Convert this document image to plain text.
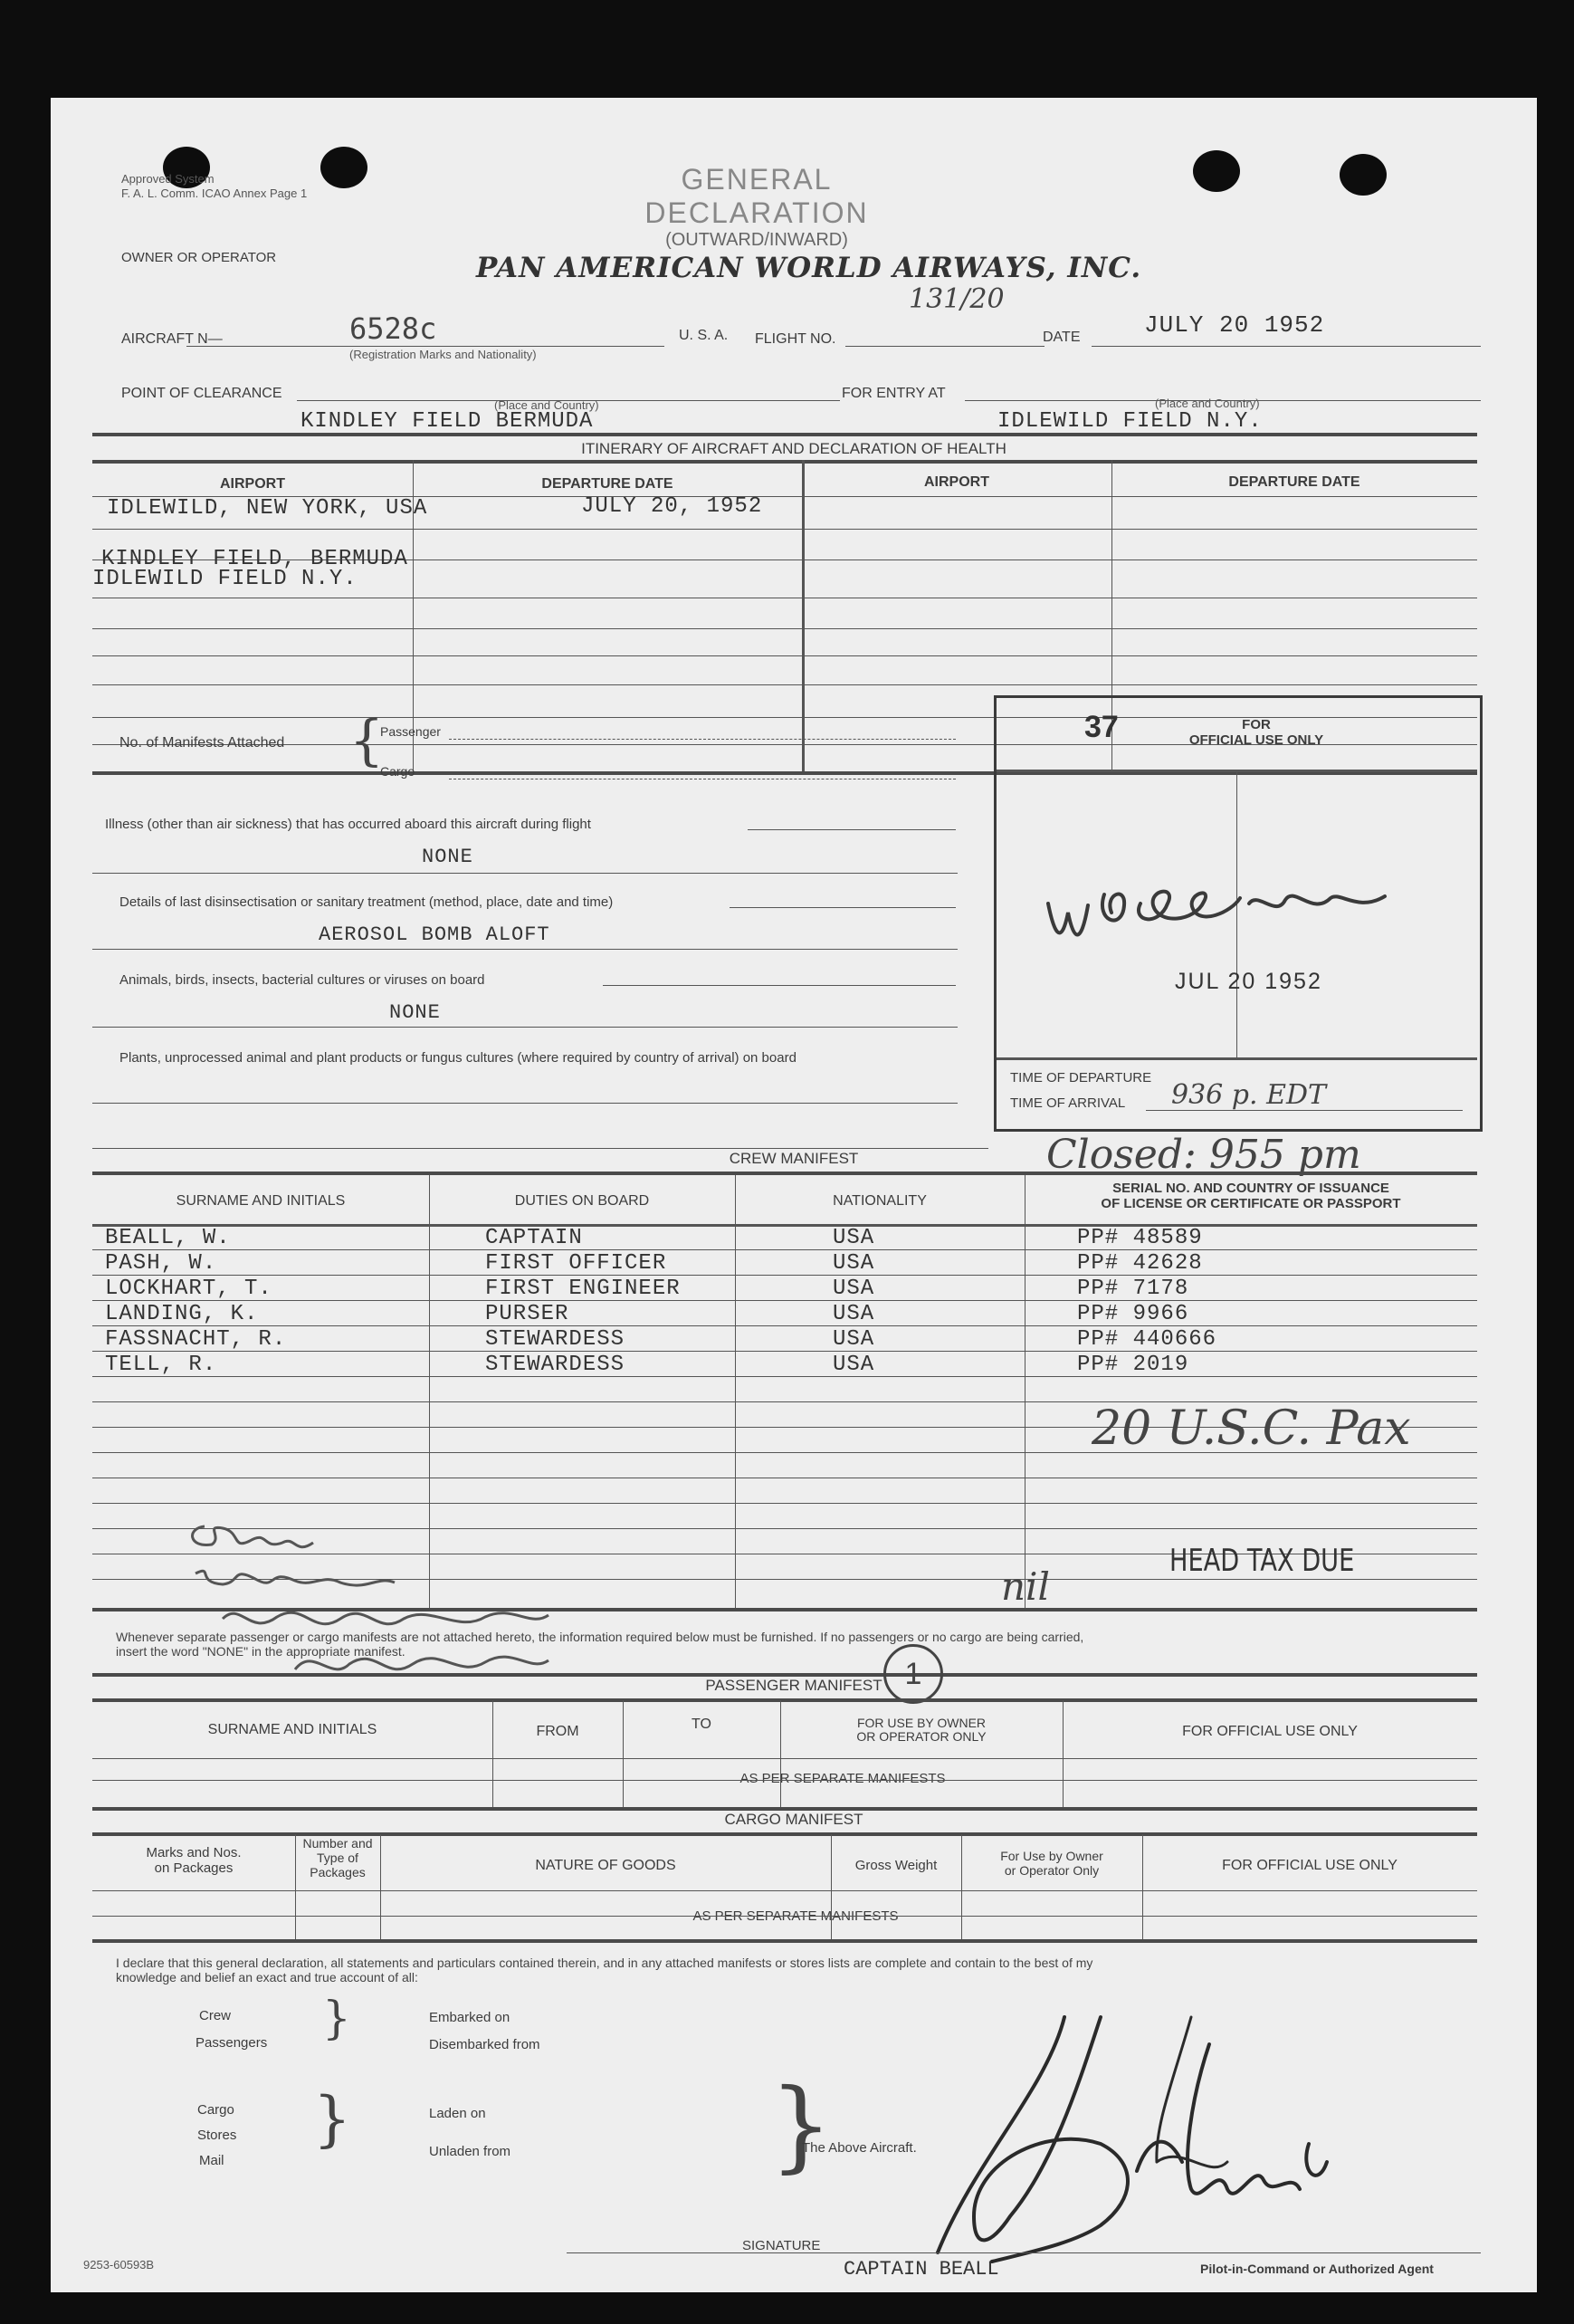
Approved System
F. A. L. Comm. ICAO Annex Page 1	GENERAL DECLARATION
(OUTWARD/INWARD)
OWNER OR OPERATOR	PAN AMERICAN WORLD AIRWAYS, INC.
131/20
AIRCRAFT N—	6528c
(Registration Marks and Nationality)
U. S. A. FLIGHT NO.	DATE	JULY 20 1952
POINT OF CLEARANCE
(Place and Country)
FOR ENTRY AT
(Place and Country)
KINDLEY FIELD BERMUDA	IDLEWILD FIELD N.Y.
ITINERARY OF AIRCRAFT AND DECLARATION OF HEALTH
AIRPORT	DEPARTURE DATE	AIRPORT	DEPARTURE DATE
IDLEWILD, NEW YORK, USA	JULY 20, 1952
KINDLEY FIELD, BERMUDA
IDLEWILD FIELD N.Y.
No. of Manifests Attached {
Passenger
Cargo
Illness (other than air sickness) that has occurred aboard this aircraft during flight
NONE
Details of last disinsectisation or sanitary treatment (method, place, date and time)
AEROSOL BOMB ALOFT
Animals, birds, insects, bacterial cultures or viruses on board
NONE
Plants, unprocessed animal and plant products or fungus cultures (where required by country of arrival) on board
37	FOR
OFFICIAL USE ONLY
JUL 20 1952
TIME OF DEPARTURE
TIME OF ARRIVAL 936 p. EDT
Closed: 955 pm
CREW MANIFEST
SURNAME AND INITIALS	DUTIES ON BOARD	NATIONALITY
SERIAL NO. AND COUNTRY OF ISSUANCE
OF LICENSE OR CERTIFICATE OR PASSPORT
BEALL, W.	CAPTAIN	USA	PP# 48589
PASH, W.	FIRST OFFICER	USA	PP# 42628
LOCKHART, T.	FIRST ENGINEER	USA	PP# 7178
LANDING, K.	PURSER	USA	PP# 9966
FASSNACHT, R.	STEWARDESS	USA	PP# 440666
TELL, R.	STEWARDESS	USA	PP# 2019
20 U.S.C. Pax
nil
HEAD TAX DUE
Whenever separate passenger or cargo manifests are not attached hereto, the information required below must be furnished. If no passengers or no cargo are being carried,
insert the word "NONE" in the appropriate manifest.
PASSENGER MANIFEST 1
SURNAME AND INITIALS	FROM	TO	FOR USE BY OWNER
OR OPERATOR ONLY	FOR OFFICIAL USE ONLY
AS PER SEPARATE MANIFESTS
CARGO MANIFEST
Marks and Nos.
on Packages
Number and
Type of
Packages	NATURE OF GOODS	Gross Weight
For Use by Owner
or Operator Only	FOR OFFICIAL USE ONLY
AS PER SEPARATE MANIFESTS
I declare that this general declaration, all statements and particulars contained therein, and in any attached manifests or stores lists are complete and contain to the best of my
knowledge and belief an exact and true account of all:
Crew
Passengers }	Embarked on
Disembarked from
Cargo
Stores
Mail
}	Laden on
Unladen from	}
The Above Aircraft.
SIGNATURE
CAPTAIN BEALL	Pilot-in-Command or Authorized Agent
9253-60593B
